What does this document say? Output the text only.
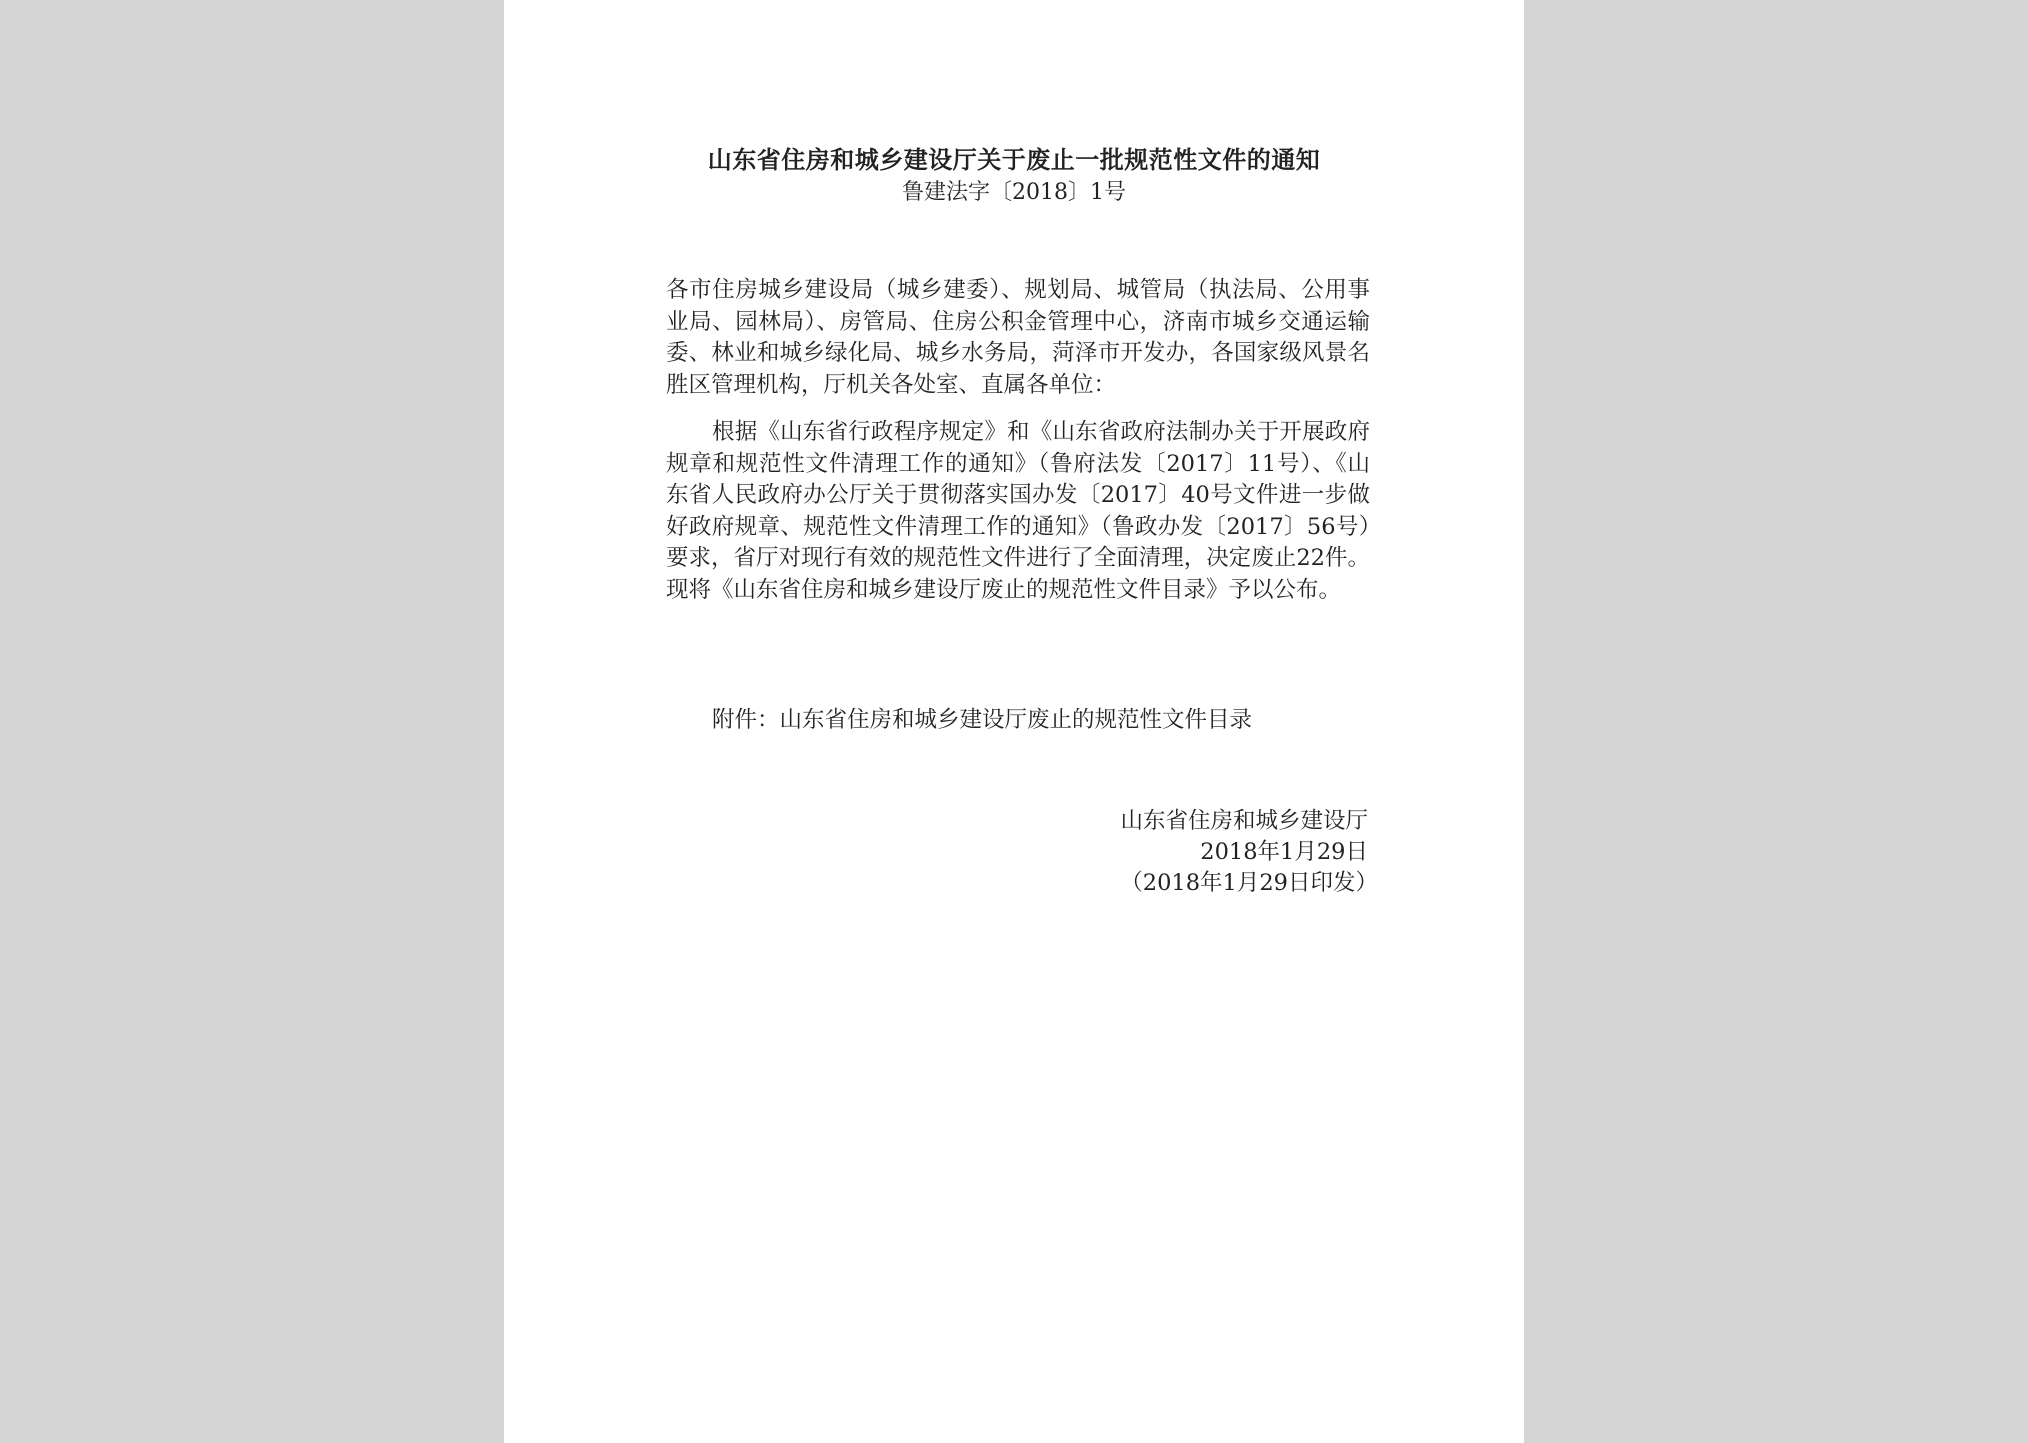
山东省住房和城乡建设厅关于废止一批规范性文件的通知
鲁建法字〔2018〕1号
各市住房城乡建设局（城乡建委）、规划局、城管局（执法局、公用事业局、园林局）、房管局、住房公积金管理中心，济南市城乡交通运输委、林业和城乡绿化局、城乡水务局，菏泽市开发办，各国家级风景名胜区管理机构，厅机关各处室、直属各单位：
根据《山东省行政程序规定》和《山东省政府法制办关于开展政府规章和规范性文件清理工作的通知》（鲁府法发〔2017〕11号）、《山东省人民政府办公厅关于贯彻落实国办发〔2017〕40号文件进一步做好政府规章、规范性文件清理工作的通知》（鲁政办发〔2017〕56号）要求，省厅对现行有效的规范性文件进行了全面清理，决定废止22件。现将《山东省住房和城乡建设厅废止的规范性文件目录》予以公布。
附件：山东省住房和城乡建设厅废止的规范性文件目录
山东省住房和城乡建设厅
2018年1月29日
（2018年1月29日印发）
